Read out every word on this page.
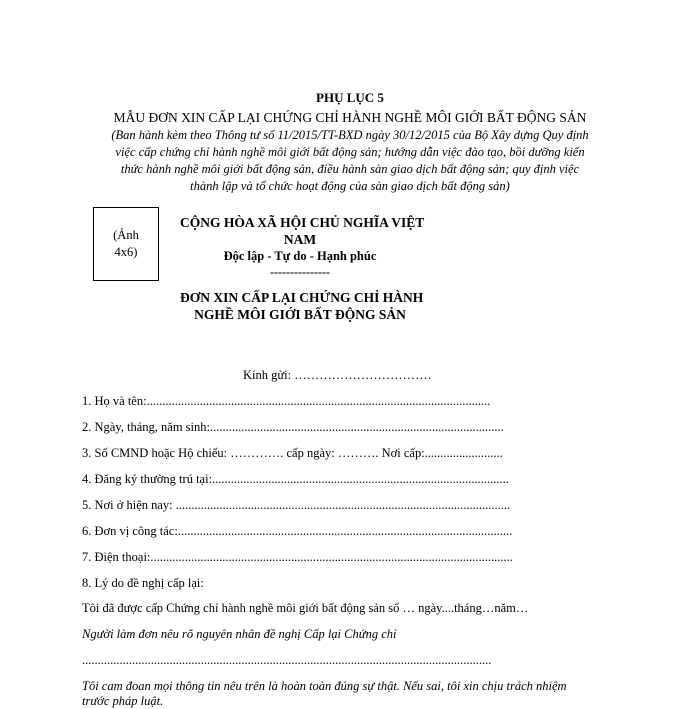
PHỤ LỤC 5
MẪU ĐƠN XIN CẤP LẠI CHỨNG CHỈ HÀNH NGHỀ MÔI GIỚI BẤT ĐỘNG SẢN
(Ban hành kèm theo Thông tư số 11/2015/TT-BXD ngày 30/12/2015 của Bộ Xây dựng Quy định
việc cấp chứng chỉ hành nghề môi giới bất động sản; hướng dẫn việc đào tạo, bồi dưỡng kiến
thức hành nghề môi giới bất động sản, điều hành sàn giao dịch bất động sản; quy định việc
thành lập và tổ chức hoạt động của sàn giao dịch bất động sản)
(Ảnh
4x6)
CỘNG HÒA XÃ HỘI CHỦ NGHĨA VIỆT
NAM
Độc lập - Tự do - Hạnh phúc
---------------
ĐƠN XIN CẤP LẠI CHỨNG CHỈ HÀNH
NGHỀ MÔI GIỚI BẤT ĐỘNG SẢN
Kính gửi: ……………………………
1. Họ và tên:..............................................................................................................
2. Ngày, tháng, năm sinh:..............................................................................................
3. Số CMND hoặc Hộ chiếu: …………. cấp ngày: ………. Nơi cấp:.........................
4. Đăng ký thường trú tại:...............................................................................................
5. Nơi ở hiện nay: ...........................................................................................................
6. Đơn vị công tác:...........................................................................................................
7. Điện thoại:....................................................................................................................
8. Lý do đề nghị cấp lại:
Tôi đã được cấp Chứng chỉ hành nghề môi giới bất động sản số … ngày....tháng…năm…
Người làm đơn nêu rõ nguyên nhân đề nghị Cấp lại Chứng chỉ
...................................................................................................................................
Tôi cam đoan mọi thông tin nêu trên là hoàn toàn đúng sự thật. Nếu sai, tôi xin chịu trách nhiệm
trước pháp luật.
